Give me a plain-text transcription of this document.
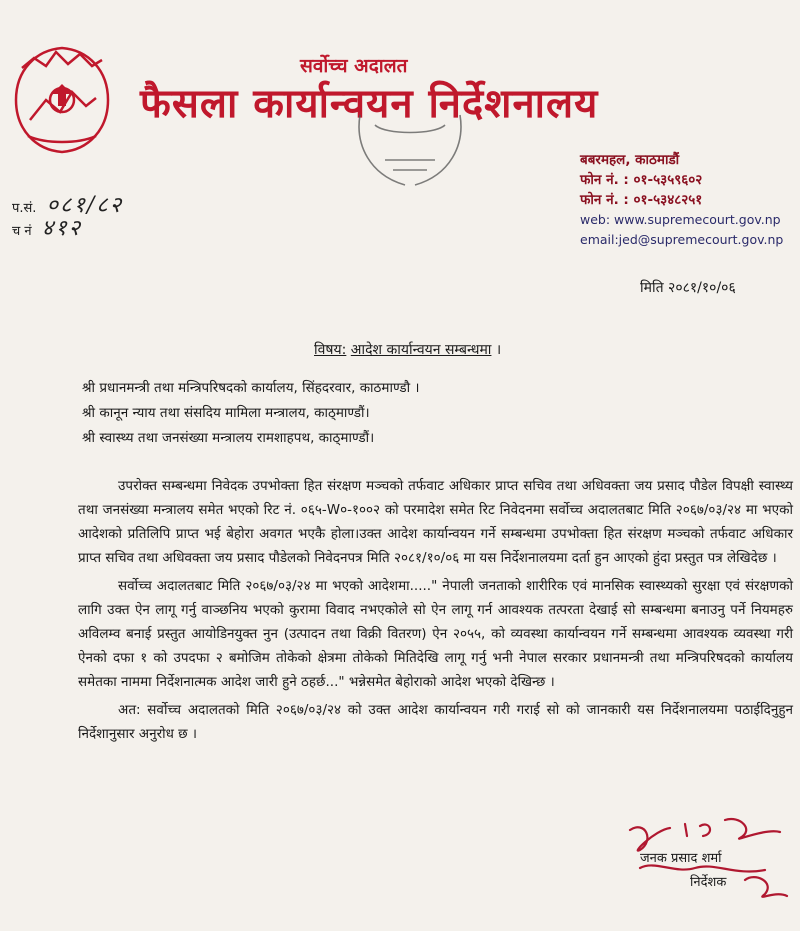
सर्वोच्च अदालत
फैसला कार्यान्वयन निर्देशनालय
बबरमहल, काठमाडौं
फोन नं. : ०१-५३५९६०२
फोन नं. : ०१-५३४८२५१
web: www.supremecourt.gov.np
email:jed@supremecourt.gov.np
प.सं. ०८१/८२
च नं ४१२
मिति २०८१/१०/०६
विषय: आदेश कार्यान्वयन सम्बन्धमा ।
श्री प्रधानमन्त्री तथा मन्त्रिपरिषदको कार्यालय, सिंहदरवार, काठमाण्डौ ।
श्री कानून न्याय तथा संसदिय मामिला मन्त्रालय, काठ्माण्डौं।
श्री स्वास्थ्य तथा जनसंख्या मन्त्रालय रामशाहपथ, काठ्माण्डौं।

उपरोक्त सम्बन्धमा निवेदक उपभोक्ता हित संरक्षण मञ्चको तर्फवाट अधिकार प्राप्त सचिव तथा अधिवक्ता जय प्रसाद पौडेल विपक्षी स्वास्थ्य तथा जनसंख्या मन्त्रालय समेत भएको रिट नं. ०६५-W०-१००२ को परमादेश समेत रिट निवेदनमा सर्वोच्च अदालतबाट मिति २०६७/०३/२४ मा भएको आदेशको प्रतिलिपि प्राप्त भई बेहोरा अवगत भएकै होला।उक्त आदेश कार्यान्वयन गर्ने सम्बन्धमा उपभोक्ता हित संरक्षण मञ्चको तर्फवाट अधिकार प्राप्त सचिव तथा अधिवक्ता जय प्रसाद पौडेलको निवेदनपत्र मिति २०८१/१०/०६ मा यस निर्देशनालयमा दर्ता हुन आएको हुंदा प्रस्तुत पत्र लेखिदेछ ।

सर्वोच्च अदालतबाट मिति २०६७/०३/२४ मा भएको आदेशमा....." नेपाली जनताको शारीरिक एवं मानसिक स्वास्थ्यको सुरक्षा एवं संरक्षणको लागि उक्त ऐन लागू गर्नु वाञ्छनिय भएको कुरामा विवाद नभएकोले सो ऐन लागू गर्न आवश्यक तत्परता देखाई सो सम्बन्धमा बनाउनु पर्ने नियमहरु अविलम्व बनाई प्रस्तुत आयोडिनयुक्त नुन (उत्पादन तथा विक्री वितरण) ऐन २०५५, को व्यवस्था कार्यान्वयन गर्ने सम्बन्धमा आवश्यक व्यवस्था गरी ऐनको दफा १ को उपदफा २ बमोजिम तोकेको क्षेत्रमा तोकेको मितिदेखि लागू गर्नु भनी नेपाल सरकार प्रधानमन्त्री तथा मन्त्रिपरिषदको कार्यालय समेतका नाममा निर्देशनात्मक आदेश जारी हुने ठहर्छ..." भन्नेसमेत बेहोराको आदेश भएको देखिन्छ ।

अत: सर्वोच्च अदालतको मिति २०६७/०३/२४ को उक्त आदेश कार्यान्वयन गरी गराई सो को जानकारी यस निर्देशनालयमा पठाईदिनुहुन निर्देशानुसार अनुरोध छ ।

जनक प्रसाद शर्मा
निर्देशक
